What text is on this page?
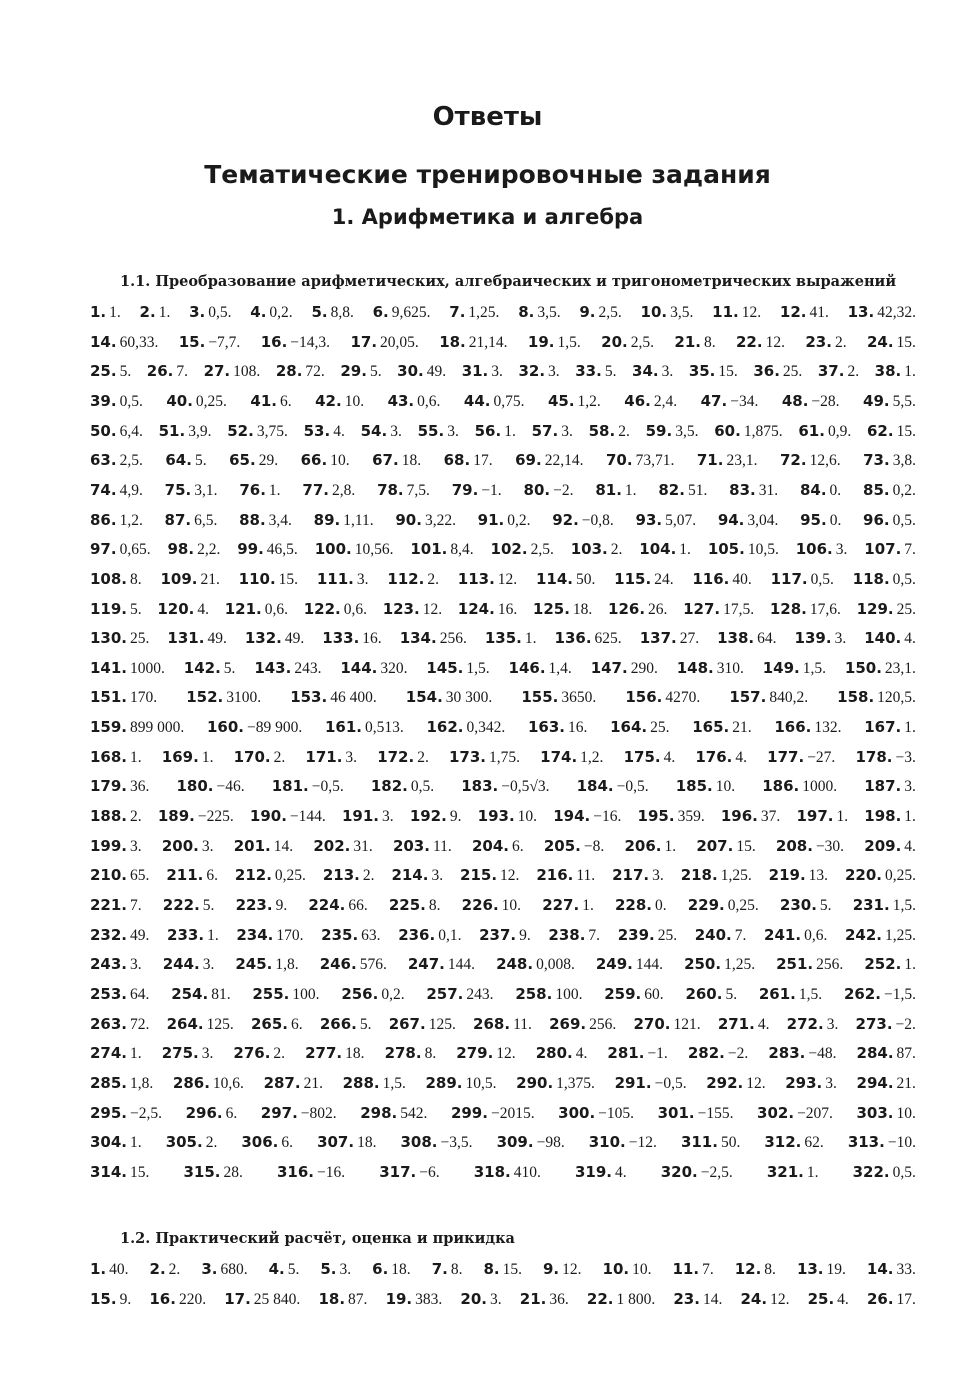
Ответы
Тематические тренировочные задания
1. Арифметика и алгебра
1.1. Преобразование арифметических, алгебраических и тригонометрических выражений
1.  1. 2.  1. 3.  0,5. 4.  0,2. 5.  8,8. 6.  9,625. 7.  1,25. 8.  3,5. 9.  2,5. 10.  3,5. 11.  12. 12.  41. 13.  42,32.
14.  60,33. 15.  −7,7. 16.  −14,3. 17.  20,05. 18.  21,14. 19.  1,5. 20.  2,5. 21.  8. 22.  12. 23.  2. 24.  15.
25.  5. 26.  7. 27.  108. 28.  72. 29.  5. 30.  49. 31.  3. 32.  3. 33.  5. 34.  3. 35.  15. 36.  25. 37.  2. 38.  1.
39.  0,5. 40.  0,25. 41.  6. 42.  10. 43.  0,6. 44.  0,75. 45.  1,2. 46.  2,4. 47.  −34. 48.  −28. 49.  5,5.
50.  6,4. 51.  3,9. 52.  3,75. 53.  4. 54.  3. 55.  3. 56.  1. 57.  3. 58.  2. 59.  3,5. 60.  1,875. 61.  0,9. 62.  15.
63.  2,5. 64.  5. 65.  29. 66.  10. 67.  18. 68.  17. 69.  22,14. 70.  73,71. 71.  23,1. 72.  12,6. 73.  3,8.
74.  4,9. 75.  3,1. 76.  1. 77.  2,8. 78.  7,5. 79.  −1. 80.  −2. 81.  1. 82.  51. 83.  31. 84.  0. 85.  0,2.
86.  1,2. 87.  6,5. 88.  3,4. 89.  1,11. 90.  3,22. 91.  0,2. 92.  −0,8. 93.  5,07. 94.  3,04. 95.  0. 96.  0,5.
97.  0,65. 98.  2,2. 99.  46,5. 100.  10,56. 101.  8,4. 102.  2,5. 103.  2. 104.  1. 105.  10,5. 106.  3. 107.  7.
108.  8. 109.  21. 110.  15. 111.  3. 112.  2. 113.  12. 114.  50. 115.  24. 116.  40. 117.  0,5. 118.  0,5.
119.  5. 120.  4. 121.  0,6. 122.  0,6. 123.  12. 124.  16. 125.  18. 126.  26. 127.  17,5. 128.  17,6. 129.  25.
130.  25. 131.  49. 132.  49. 133.  16. 134.  256. 135.  1. 136.  625. 137.  27. 138.  64. 139.  3. 140.  4.
141.  1000. 142.  5. 143.  243. 144.  320. 145.  1,5. 146.  1,4. 147.  290. 148.  310. 149.  1,5. 150.  23,1.
151.  170. 152.  3100. 153.  46 400. 154.  30 300. 155.  3650. 156.  4270. 157.  840,2. 158.  120,5.
159.  899 000. 160.  −89 900. 161.  0,513. 162.  0,342. 163.  16. 164.  25. 165.  21. 166.  132. 167.  1.
168.  1. 169.  1. 170.  2. 171.  3. 172.  2. 173.  1,75. 174.  1,2. 175.  4. 176.  4. 177.  −27. 178.  −3.
179.  36. 180.  −46. 181.  −0,5. 182.  0,5. 183.  −0,5√3. 184.  −0,5. 185.  10. 186.  1000. 187.  3.
188.  2. 189.  −225. 190.  −144. 191.  3. 192.  9. 193.  10. 194.  −16. 195.  359. 196.  37. 197.  1. 198.  1.
199.  3. 200.  3. 201.  14. 202.  31. 203.  11. 204.  6. 205.  −8. 206.  1. 207.  15. 208.  −30. 209.  4.
210.  65. 211.  6. 212.  0,25. 213.  2. 214.  3. 215.  12. 216.  11. 217.  3. 218.  1,25. 219.  13. 220.  0,25.
221.  7. 222.  5. 223.  9. 224.  66. 225.  8. 226.  10. 227.  1. 228.  0. 229.  0,25. 230.  5. 231.  1,5.
232.  49. 233.  1. 234.  170. 235.  63. 236.  0,1. 237.  9. 238.  7. 239.  25. 240.  7. 241.  0,6. 242.  1,25.
243.  3. 244.  3. 245.  1,8. 246.  576. 247.  144. 248.  0,008. 249.  144. 250.  1,25. 251.  256. 252.  1.
253.  64. 254.  81. 255.  100. 256.  0,2. 257.  243. 258.  100. 259.  60. 260.  5. 261.  1,5. 262.  −1,5.
263.  72. 264.  125. 265.  6. 266.  5. 267.  125. 268.  11. 269.  256. 270.  121. 271.  4. 272.  3. 273.  −2.
274.  1. 275.  3. 276.  2. 277.  18. 278.  8. 279.  12. 280.  4. 281.  −1. 282.  −2. 283.  −48. 284.  87.
285.  1,8. 286.  10,6. 287.  21. 288.  1,5. 289.  10,5. 290.  1,375. 291.  −0,5. 292.  12. 293.  3. 294.  21.
295.  −2,5. 296.  6. 297.  −802. 298.  542. 299.  −2015. 300.  −105. 301.  −155. 302.  −207. 303.  10.
304.  1. 305.  2. 306.  6. 307.  18. 308.  −3,5. 309.  −98. 310.  −12. 311.  50. 312.  62. 313.  −10.
314.  15. 315.  28. 316.  −16. 317.  −6. 318.  410. 319.  4. 320.  −2,5. 321.  1. 322.  0,5.
1.2. Практический расчёт, оценка и прикидка
1.  40. 2.  2. 3.  680. 4.  5. 5.  3. 6.  18. 7.  8. 8.  15. 9.  12. 10.  10. 11.  7. 12.  8. 13.  19. 14.  33.
15.  9. 16.  220. 17.  25 840. 18.  87. 19.  383. 20.  3. 21.  36. 22.  1 800. 23.  14. 24.  12. 25.  4. 26.  17.
